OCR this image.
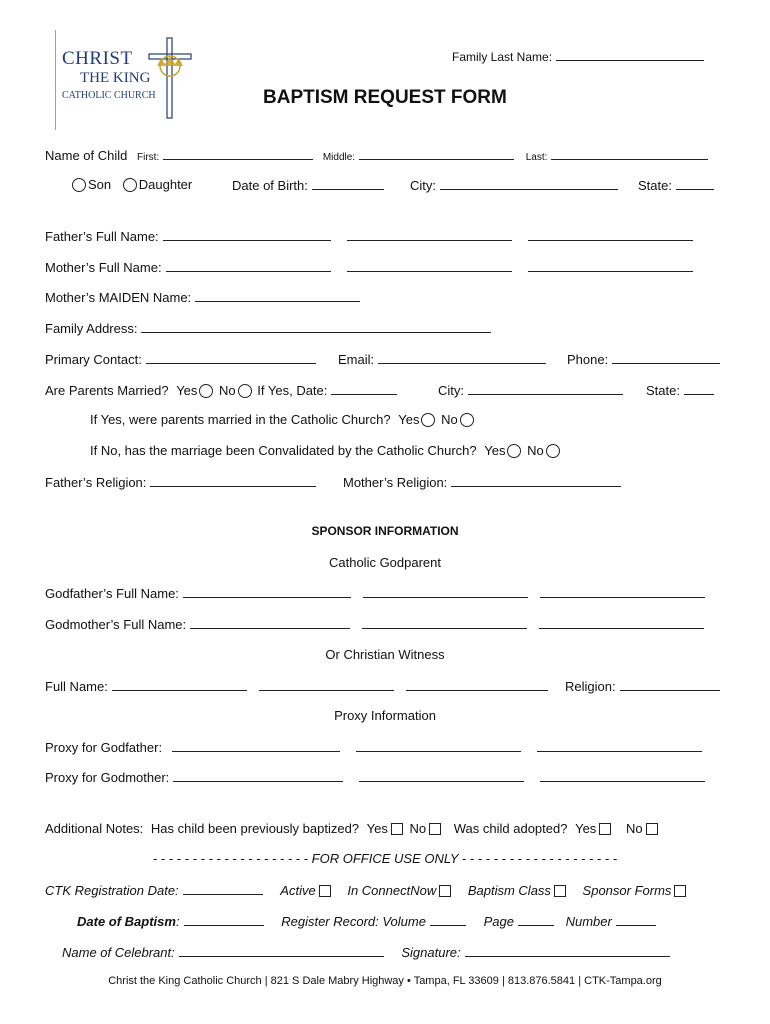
CHRIST
THE KING
CATHOLIC CHURCH
Family Last Name:
BAPTISM REQUEST FORM
Name of Child First:	Middle:	Last:
Son Daughter	Date of Birth:	City:	State:
Father’s Full Name:
Mother’s Full Name:
Mother’s MAIDEN Name:
Family Address:
Primary Contact:	Email:	Phone:
Are Parents Married? Yes No If Yes, Date:	City:	State:
If Yes, were parents married in the Catholic Church? Yes No
If No, has the marriage been Convalidated by the Catholic Church? Yes No
Father’s Religion:	Mother’s Religion:
SPONSOR INFORMATION
Catholic Godparent
Godfather’s Full Name:
Godmother’s Full Name:
Or Christian Witness
Full Name:	Religion:
Proxy Information
Proxy for Godfather:
Proxy for Godmother:
Additional Notes: Has child been previously baptized? Yes No Was child adopted? Yes No
- - - - - - - - - - - - - - - - - - - - FOR OFFICE USE ONLY - - - - - - - - - - - - - - - - - - - -
CTK Registration Date:	Active In ConnectNow Baptism Class Sponsor Forms
Date of Baptism:	Register Record: Volume	Page	Number
Name of Celebrant:	Signature:
Christ the King Catholic Church | 821 S Dale Mabry Highway • Tampa, FL 33609 | 813.876.5841 | CTK-Tampa.org
